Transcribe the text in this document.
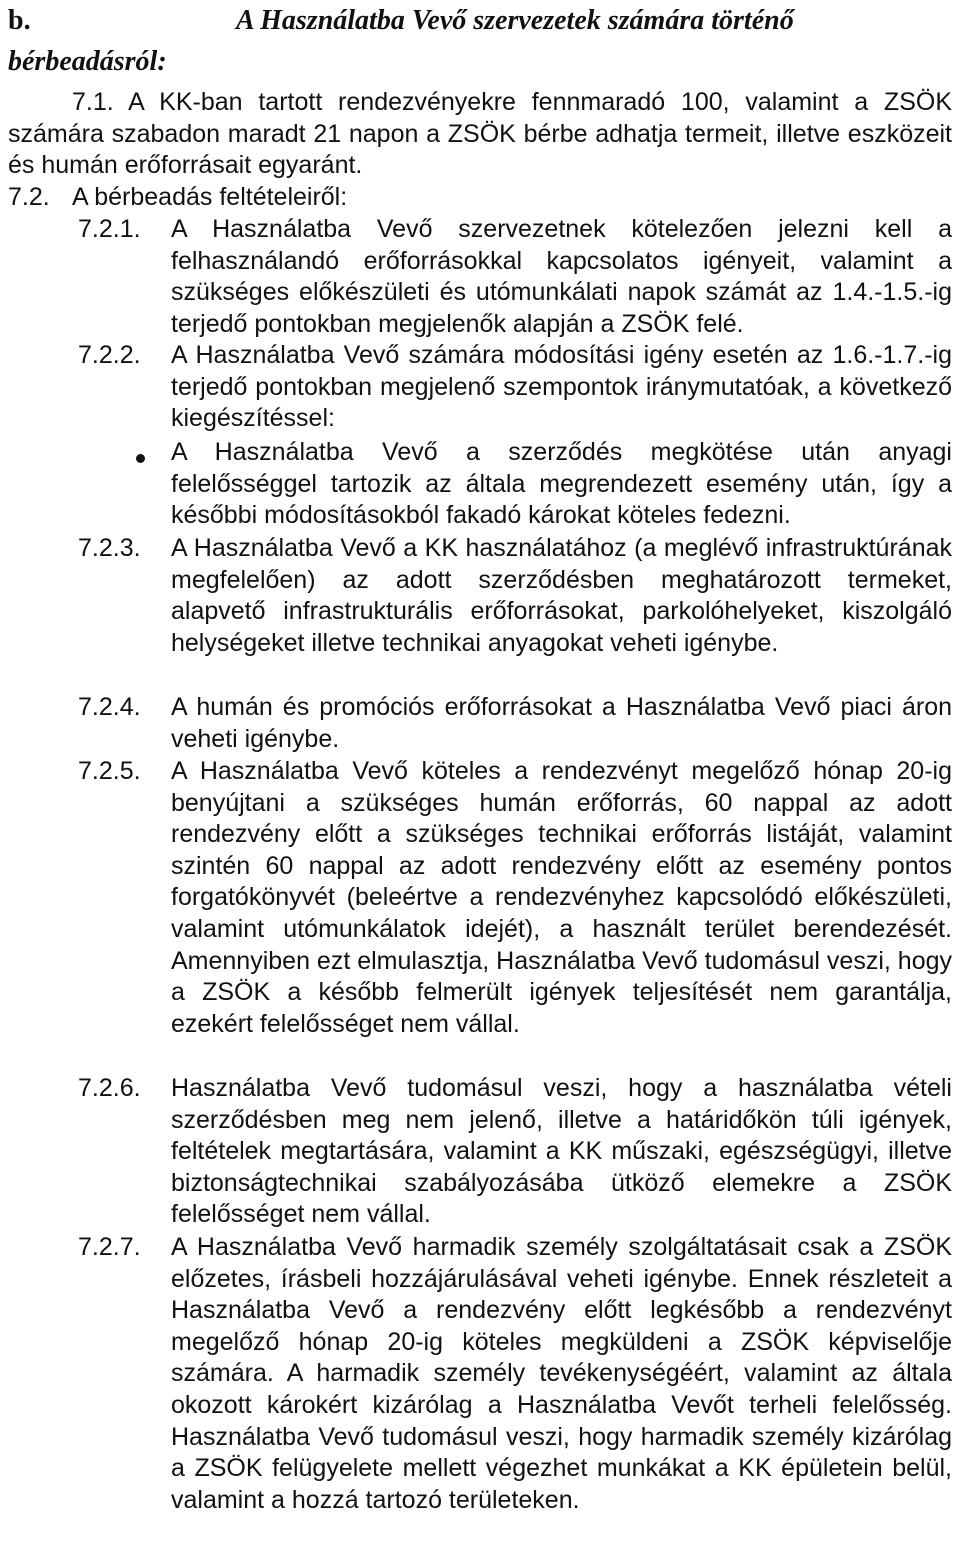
b.	A Használatba Vevő szervezetek számára történő bérbeadásról:
7.1. A KK-ban tartott rendezvényekre fennmaradó 100, valamint a ZSÖK számára szabadon maradt 21 napon a ZSÖK bérbe adhatja termeit, illetve eszközeit és humán erőforrásait egyaránt.
7.2. A bérbeadás feltételeiről:
7.2.1. A Használatba Vevő szervezetnek kötelezően jelezni kell a felhasználandó erőforrásokkal kapcsolatos igényeit, valamint a szükséges előkészületi és utómunkálati napok számát az 1.4.-1.5.-ig terjedő pontokban megjelenők alapján a ZSÖK felé.
7.2.2. A Használatba Vevő számára módosítási igény esetén az 1.6.-1.7.-ig terjedő pontokban megjelenő szempontok iránymutatóak, a következő kiegészítéssel:
A Használatba Vevő a szerződés megkötése után anyagi felelősséggel tartozik az általa megrendezett esemény után, így a későbbi módosításokból fakadó károkat köteles fedezni.
7.2.3. A Használatba Vevő a KK használatához (a meglévő infrastruktúrának megfelelően) az adott szerződésben meghatározott termeket, alapvető infrastrukturális erőforrásokat, parkolóhelyeket, kiszolgáló helységeket illetve technikai anyagokat veheti igénybe.
7.2.4. A humán és promóciós erőforrásokat a Használatba Vevő piaci áron veheti igénybe.
7.2.5. A Használatba Vevő köteles a rendezvényt megelőző hónap 20-ig benyújtani a szükséges humán erőforrás, 60 nappal az adott rendezvény előtt a szükséges technikai erőforrás listáját, valamint szintén 60 nappal az adott rendezvény előtt az esemény pontos forgatókönyvét (beleértve a rendezvényhez kapcsolódó előkészületi, valamint utómunkálatok idejét), a használt terület berendezését. Amennyiben ezt elmulasztja, Használatba Vevő tudomásul veszi, hogy a ZSÖK a később felmerült igények teljesítését nem garantálja, ezekért felelősséget nem vállal.
7.2.6. Használatba Vevő tudomásul veszi, hogy a használatba vételi szerződésben meg nem jelenő, illetve a határidőkön túli igények, feltételek megtartására, valamint a KK műszaki, egészségügyi, illetve biztonságtechnikai szabályozásába ütköző elemekre a ZSÖK felelősséget nem vállal.
7.2.7. A Használatba Vevő harmadik személy szolgáltatásait csak a ZSÖK előzetes, írásbeli hozzájárulásával veheti igénybe. Ennek részleteit a Használatba Vevő a rendezvény előtt legkésőbb a rendezvényt megelőző hónap 20-ig köteles megküldeni a ZSÖK képviselője számára. A harmadik személy tevékenységéért, valamint az általa okozott károkért kizárólag a Használatba Vevőt terheli felelősség. Használatba Vevő tudomásul veszi, hogy harmadik személy kizárólag a ZSÖK felügyelete mellett végezhet munkákat a KK épületein belül, valamint a hozzá tartozó területeken.
